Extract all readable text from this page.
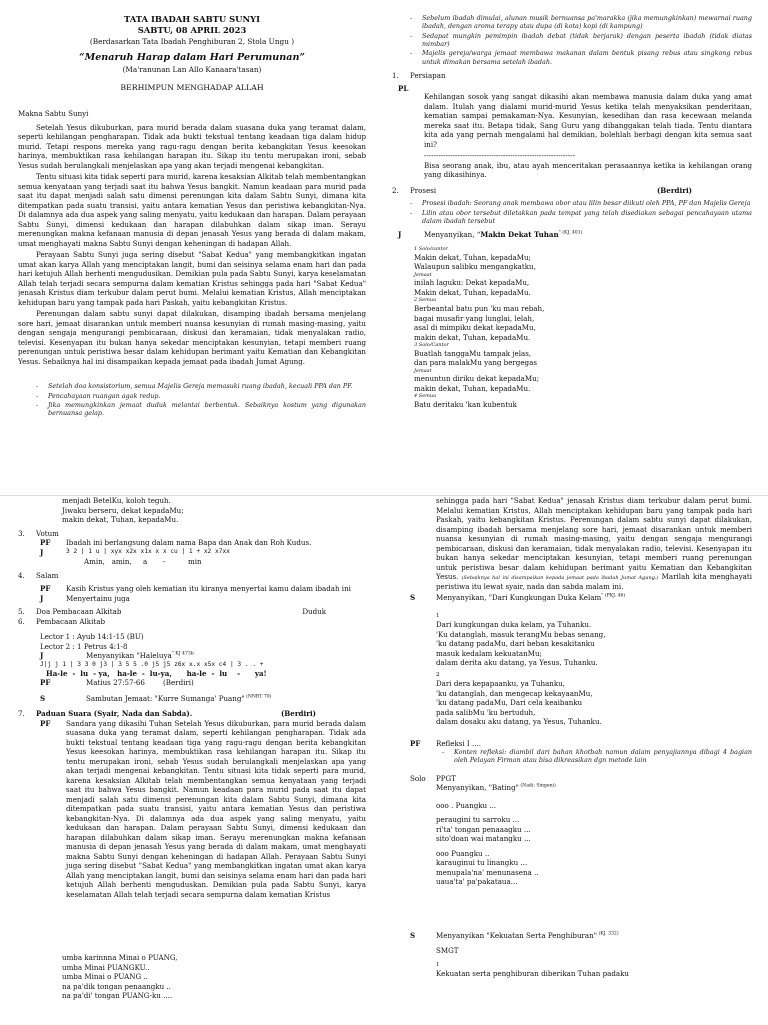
TATA IBADAH SABTU SUNYI
SABTU, 08 APRIL 2023
(Berdasarkan Tata Ibadah Penghiburan 2, Stola Ungu )
“Menaruh Harap dalam Hari Perumunan”
(Ma'ranunan Lan Allo Kanaara'tasan)
BERHIMPUN MENGHADAP ALLAH
Makna Sabtu Sunyi

Setelah Yesus dikuburkan, para murid berada dalam suasana duka yang teramat dalam, seperti kehilangan pengharapan. Tidak ada bukti tekstual tentang keadaan tiga dalam hidup murid. Tetapi respons mereka yang ragu-ragu dengan berita kebangkitan Yesus keesokan harinya, membuktikan rasa kehilangan harapan itu. Sikap itu tentu merupakan ironi, sebab Yesus sudah berulangkali menjelaskan apa yang akan terjadi mengenai kebangkitan.

Tentu situasi kita tidak seperti para murid, karena kesaksian Alkitab telah membentangkan semua kenyataan yang terjadi saat itu bahwa Yesus bangkit. Namun keadaan para murid pada saat itu dapat menjadi salah satu dimensi perenungan kita dalam Sabtu Sunyi, dimana kita ditempatkan pada suatu transisi, yaitu antara kematian Yesus dan peristiwa kebangkitan-Nya. Di dalamnya ada dua aspek yang saling menyatu, yaitu kedukaan dan harapan. Dalam perayaan Sabtu Sunyi, dimensi kedukaan dan harapan dilabuhkan dalam sikap iman. Serayu merenungkan makna kefanaan manusia di depan jenasah Yesus yang berada di dalam makam, umat menghayati makna Sabtu Sunyi dengan keheningan di hadapan Allah.

Perayaan Sabtu Sunyi juga sering disebut "Sabat Kedua" yang membangkitkan ingatan umat akan karya Allah yang menciptakan langit, bumi dan seisinya selama enam hari dan pada hari ketujuh Allah berhenti mengudusikan. Demikian pula pada Sabtu Sunyi, karya keselamatan Allah telah terjadi secara sempurna dalam kematian Kristus sehingga pada hari "Sabat Kedua" jenasah Kristus diam terkubur dalam perut bumi. Melalui kematian Kristus, Allah menciptakan kehidupan baru yang tampak pada hari Paskah, yaitu kebangkitan Kristus.

Perenungan dalam sabtu sunyi dapat dilakukan, disamping ibadah bersama menjelang sore hari, jemaat disarankan untuk memberi nuansa kesunyian di rumah masing-masing, yaitu dengan sengaja mengurangi pembicaraan, diskusi dan keramaian, tidak menyalakan radio, televisi. Kesenyapan itu bukan hanya sekedar menciptakan kesunyian, tetapi memberi ruang perenungan untuk peristiwa besar dalam kehidupan berimant yaitu Kematian dan Kebangkitan Yesus. Sebaiknya hal ini disampaikan kepada jemaat pada ibadah Jumat Agung.

- Setelah doa konsistorium, semua Majelis Gereja memasuki ruang ibadah, kecuali PPA dan PF.
- Pencahayaan ruangan agak redup.
- Jika memungkinkan jemaat duduk melantai berbentuk. Sebaiknya kostum yang digunakan bernuansa gelap.
- Sebelum ibadah dimulai, alunan musik bernuansa pa'marakka (jika memungkinkan) mewarnai ruang ibadah, dengan aroma terapy atau dupa (di kota) kopi (di kampung)
- Sedapat mungkin pemimpin ibadah debat (tidak berjarak) dengan peserta ibadah (tidak diatas mimbar)
- Majelis gereja/warga jemaat membawa makanan dalam bentuk pisang rebus atau singkong rebus untuk dimakan bersama setelah ibadah.
1.	Persiapan
PL

Kehilangan sosok yang sangat dikasihi akan membawa manusia dalam duka yang amat dalam. Itulah yang dialami murid-murid Yesus ketika telah menyaksikan penderitaan, kematian sampai pemakaman-Nya. Kesunyian, kesedihan dan rasa kecewaan melanda mereka saat itu. Betapa tidak, Sang Guru yang dibanggakan telah tiada. Tentu diantara kita ada yang pernah mengalami hal demikian, bolehlah berbagi dengan kita semua saat ini?

---------------------------------------------------------------

Bisa seorang anak, ibu, atau ayah menceritakan perasaannya ketika ia kehilangan orang yang dikasihinya.

2.	Prosesi	(Berdiri)
- Prosesi ibadah: Seorang anak membawa obor atau lilin besar diikuti oleh PPA, PF dan Majelis Gereja
- Lilin atau obor tersebut diletakkan pada tempat yang telah disediakan sebagai pencahayaan utama dalam ibadah tersebut
J	Menyanyikan, “Makin Dekat Tuhan$^{" (KJ. 401)}$
1 Solo/cantor
Makin dekat, Tuhan, kepadaMu;
Walaupun salibku mengangkatku,
Jemaat
inilah laguku: Dekat kepadaMu,
Makin dekat, Tuhan, kepadaMu.
2 Semua
Berbeantal batu pun 'ku mau rebah,
bagai musafir yang lunglai, lelah,
asal di mimpiku dekat kepadaMu,
makin dekat, Tuhan, kepadaMu.
3 Solo/Cantor
Buatlah tanggaMu tampak jelas,
dan para malakMu yang bergegas
Jemaat
menuntun diriku dekat kepadaMu;
makin dekat, Tuhan, kepadaMu.
4 Semua
Batu deritaku 'kan kubentuk
menjadi BetelKu, koloh teguh.
Jiwaku berseru, dekat kepadaMu;
makin dekat, Tuhan, kepadaMu.
3.	Votum
PF	Ibadah ini berlangsung dalam nama Bapa dan Anak dan Roh Kudus.
J	3 2 | 1 u | xyx x2x x1x x x cu | 1 + x2 x7xx
Amin,   amin,     a       -          min
4.	Salam
PF	Kasih Kristus yang oleh kematian itu kiranya menyertai kamu dalam ibadah ini
J	Menyertainu juga
5.	Doa Pembacaan Alkitab	Duduk
6.	Pembacaan Alkitab
Lector 1 : Ayub 14:1-15 (BU)
Lector 2 : 1 Petrus 4:1-8
J	Menyanyikan "Haleluya$^{" KJ 473b}$
J|j j 1 | 3 3 0 j3 | 3 5 5 .0 j5 j5 z6x x.x x5x c4 | 3 . . +
Ha-le  -  lu  - ya,   ha-le  -  lu-ya,      ha-le  -  lu    -      ya!
PF	Matius 27:57-66	(Berdiri)
S	Sambutan Jemaat: "Kurre Sumanga' Puang" $^{(NNBT 70)}$
7.	Paduan Suara (Syair, Nada dan Sabda).	(Berdiri)
PF	Sandara yang dikasihi Tuhan Setelah Yesus dikuburkan, para murid berada dalam suasana duka yang teramat dalam, seperti kehilangan pengharapan. Tidak ada bukti tekstual tentang keadaan tiga yang ragu-ragu dengan berita kebangkitan Yesus keesokan harinya, membuktikan rasa kehilangan harapan itu. Sikap itu tentu merupakan ironi, sebab Yesus sudah berulangkali menjelaskan apa yang akan terjadi mengenai kebangkitan. Tentu situasi kita tidak seperti para murid, karena kesaksian Alkitab telah membentangkan semua kenyataan yang terjadi saat itu bahwa Yesus bangkit. Namun keadaan para murid pada saat itu dapat menjadi salah satu dimensi perenungan kita dalam Sabtu Sunyi, dimana kita ditempatkan pada suatu transisi, yaitu antara kematian Yesus dan peristiwa kebangkitan-Nya. Di dalamnya ada dua aspek yang saling menyatu, yaitu kedukaan dan harapan. Dalam perayaan Sabtu Sunyi, dimensi kedukaan dan harapan dilabuhkan dalam sikap iman. Serayu merenungkan makna kefanaan manusia di depan jenasah Yesus yang berada di dalam makam, umat menghayati makna Sabtu Sunyi dengan keheningan di hadapan Allah. Perayaan Sabtu Sunyi juga sering disebut "Sabat Kedua" yang membangkitkan ingatan umat akan karya Allah yang menciptakan langit, bumi dan seisinya selama enam hari dan pada hari ketujuh Allah berhenti menguduskan. Demikian pula pada Sabtu Sunyi, karya keselamatan Allah telah terjadi secara sempurna dalam kematian Kristus

umba karinnna Minai o PUANG,
umba Minai PUANGKU..
umba Minai o PUANG ..
na pa'dik tongan penaangku ..
na pa'di' tongan PUANG-ku ....

sehingga pada hari "Sabat Kedua" jenasah Kristus diam terkubur dalam perut bumi. Melalui kematian Kristus, Allah menciptakan kehidupan baru yang tampak pada hari Paskah, yaitu kebangkitan Kristus. Perenungan dalam sabtu sunyi dapat dilakukan, disamping ibadah bersama menjelang sore hari, jemaat disarankan untuk memberi nuansa kesunyian di rumah masing-masing, yaitu dengan sengaja mengurangi pembicaraan, diskusi dan keramaian, tidak menyalakan radio, televisi. Kesenyapan itu bukan hanya sekedar menciptakan kesunyian, tetapi memberi ruang perenungan untuk peristiwa besar dalam kehidupan berimant yaitu Kematian dan Kebangkitan Yesus. (Sebaiknya hal ini disampaikan kepada jemaat pada ibadah Jumat Agung.) Marilah kita menghayati peristiwa itu lewat syair, nada dan sabda malam ini.

S	Menyanyikan, "Dari Kungkungan Duka Kelam$^{" (PKJ. 46)}$
1
Dari kungkungan duka kelam, ya Tuhanku.
'Ku datanglah, masuk terangMu bebas senang,
'ku datang padaMu, dari beban kesakitanku
masuk kedalam kekuatanMu;
dalam derita aku datang, ya Yesus, Tuhanku.
2
Dari dera kepapaanku, ya Tuhanku,
'ku datanglah, dan mengecap kekayaanMu,
'ku datang padaMu, Dari cela keaibanku
pada salibMu 'ku bertuduh,
dalam dosaku aku datang, ya Yesus, Tuhanku.
PF	Refleksi I ....
- Konten refleksi: diambil dari bahan khotbah namun dalam penyajiannya dibagi 4 bagian oleh Pelayan Firman atau bisa dikreasikan dgn metode lain
Solo	PPGT
Menyanyikan, "Bating" $^{(Nadi: Singeni)}$
ooo . Puangku ...
peraugini tu sarroku ...
ri'ta' tongan penaaagku ...
sito'doan wai matangku ...
ooo Puangku ..
karauginui tu linangku ...
menupala'na' menunasena ..
uaua'ta' pa'pakataua...
S	Menyanyikan "Kekuatan Serta Penghiburan" $^{(KJ. 332)}$
SMGT
1
Kekuatan serta penghiburan diberikan Tuhan padaku
